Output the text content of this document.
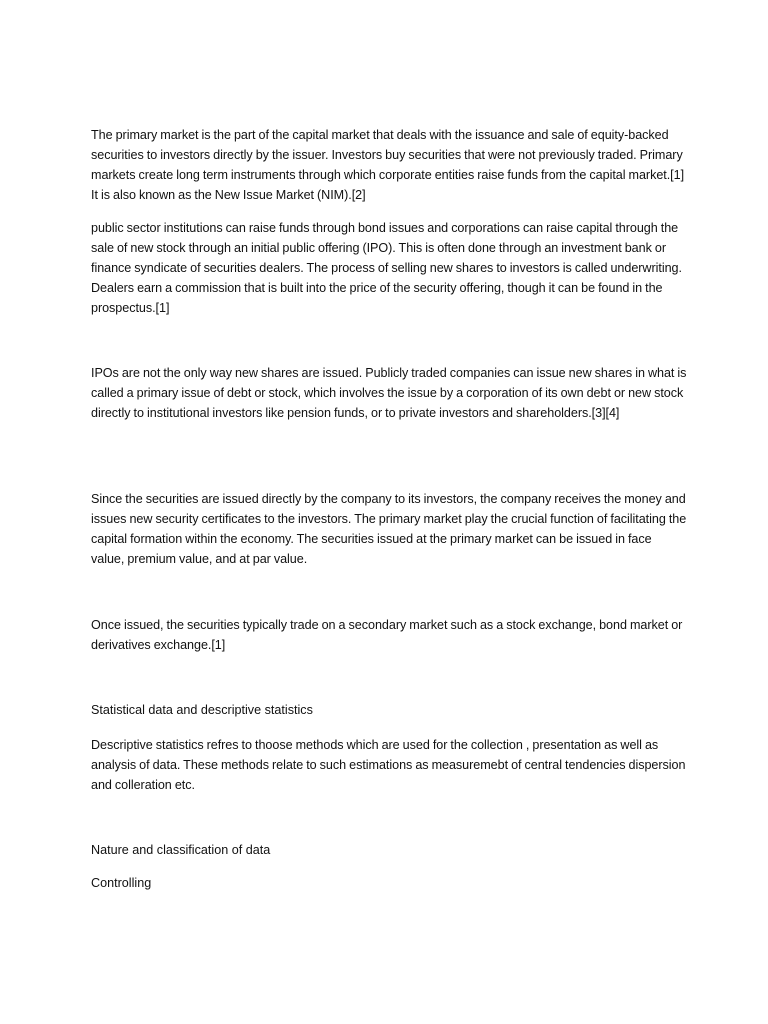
The primary market is the part of the capital market that deals with the issuance and sale of equity-backed securities to investors directly by the issuer. Investors buy securities that were not previously traded. Primary markets create long term instruments through which corporate entities raise funds from the capital market.[1] It is also known as the New Issue Market (NIM).[2]

public sector institutions can raise funds through bond issues and corporations can raise capital through the sale of new stock through an initial public offering (IPO). This is often done through an investment bank or finance syndicate of securities dealers. The process of selling new shares to investors is called underwriting. Dealers earn a commission that is built into the price of the security offering, though it can be found in the prospectus.[1]

IPOs are not the only way new shares are issued. Publicly traded companies can issue new shares in what is called a primary issue of debt or stock, which involves the issue by a corporation of its own debt or new stock directly to institutional investors like pension funds, or to private investors and shareholders.[3][4]

Since the securities are issued directly by the company to its investors, the company receives the money and issues new security certificates to the investors. The primary market play the crucial function of facilitating the capital formation within the economy. The securities issued at the primary market can be issued in face value, premium value, and at par value.

Once issued, the securities typically trade on a secondary market such as a stock exchange, bond market or derivatives exchange.[1]

Statistical data and descriptive statistics

Descriptive statistics refres to thoose methods which are used for the collection , presentation as well as analysis of data. These methods relate to such estimations as measuremebt of central tendencies dispersion and colleration etc.

Nature and classification of data

Controlling
